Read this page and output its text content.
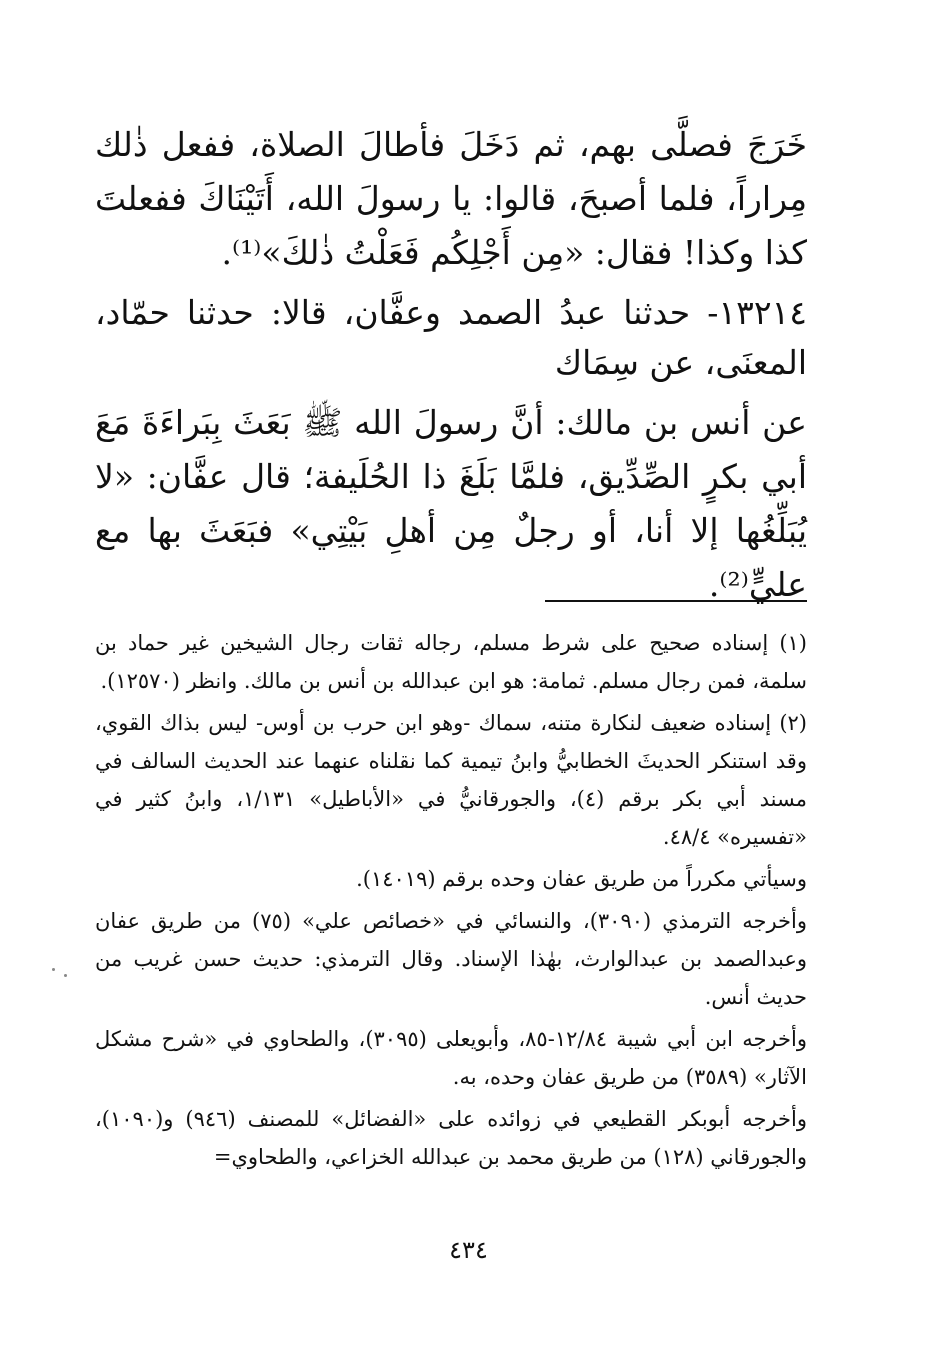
خَرَجَ فصلَّى بهم، ثم دَخَلَ فأطالَ الصلاة، ففعل ذٰلك مِراراً، فلما أصبحَ، قالوا: يا رسولَ الله، أَتَيْنَاكَ ففعلتَ كذا وكذا! فقال: «مِن أَجْلِكُم فَعَلْتُ ذٰلكَ»⁽¹⁾.

١٣٢١٤- حدثنا عبدُ الصمد وعفَّان، قالا: حدثنا حمّاد، المعنَى، عن سِمَاك

عن أنس بن مالك: أنَّ رسولَ الله ﷺ بَعَثَ بِبَراءَةَ مَعَ أبي بكرٍ الصِّدِّيق، فلمَّا بَلَغَ ذا الحُلَيفة؛ قال عفَّان: «لا يُبَلِّغُها إلا أنا، أو رجلٌ مِن أهلِ بَيْتِي» فبَعَثَ بها مع عليٍّ⁽²⁾.

(١) إسناده صحيح على شرط مسلم، رجاله ثقات رجال الشيخين غير حماد بن سلمة، فمن رجال مسلم. ثمامة: هو ابن عبدالله بن أنس بن مالك. وانظر (١٢٥٧٠).

(٢) إسناده ضعيف لنكارة متنه، سماك -وهو ابن حرب بن أوس- ليس بذاك القوي، وقد استنكر الحديثَ الخطابيُّ وابنُ تيمية كما نقلناه عنهما عند الحديث السالف في مسند أبي بكر برقم (٤)، والجورقانيُّ في «الأباطيل» ١/١٣١، وابنُ كثير في «تفسيره» ٤٨/٤.

وسيأتي مكرراً من طريق عفان وحده برقم (١٤٠١٩).

وأخرجه الترمذي (٣٠٩٠)، والنسائي في «خصائص علي» (٧٥) من طريق عفان وعبدالصمد بن عبدالوارث، بهٰذا الإسناد. وقال الترمذي: حديث حسن غريب من حديث أنس.

وأخرجه ابن أبي شيبة ١٢/٨٤-٨٥، وأبويعلى (٣٠٩٥)، والطحاوي في «شرح مشكل الآثار» (٣٥٨٩) من طريق عفان وحده، به.

وأخرجه أبوبكر القطيعي في زوائده على «الفضائل» للمصنف (٩٤٦) و(١٠٩٠)، والجورقاني (١٢٨) من طريق محمد بن عبدالله الخزاعي، والطحاوي=

٤٣٤
